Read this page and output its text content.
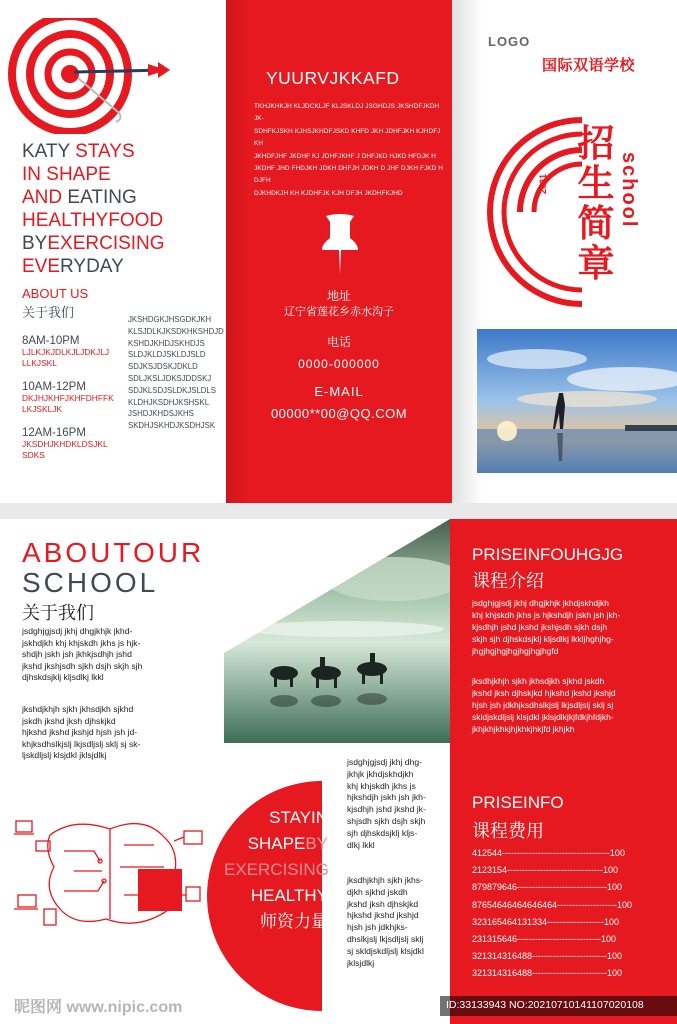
KATY STAYS
IN SHAPE
AND EATING
HEALTHYFOOD
BYEXERCISING
EVERYDAY
ABOUT US
关于我们
8AM-10PM
LJLKJKJDLKJLJDKJLJ
LLKJSKL
10AM-12PM
DKJHJKHFJKHFDHFFK
LKJSKLJK
12AM-16PM
JKSDHJKHDKLDSJKL
SDKS
JKSHDGKJHSGDKJKH
KLSJDLKJKSDKHKSHDJD
KSHDJKHDJSKHDJS
SLDJKLDJSKLDJSLD
SDJKSJDSKJDKLD
SDLJKSLJDKSJDDSKJ
SDJKLSDJSLDKJSLDLS
KLDHJKSDHJKSHSKL
JSHDJKHDSJKHS
SKDHJSKHDJKSDHJSK
YUURVJKKAFD
TKHJKHKJH KLJDCKLJF KLJSKLDJ JSGHDJS JKSHDFJKDH JK-
SDHFKJSKH KJHSJKHDFJSKD KHFD JKH JDHFJKH KJHDFJ KH
JKHDFJHF JKDHF KJ JDHFJKHF J DHFJKD HJKD HFDJK H
JKDHF JHD FHDJKH JDKH DHFJH JDKH D JHF DJKH FJKD H DJFH
DJKHDKJH KH KJDHFJK KJH DFJH JKDHFKJHD
地址
辽宁省莲花乡赤水沟子
电话
0000-000000
E-MAIL
00000**00@QQ.COM
LOGO
国际双语学校
2021
招
生
简
章
school
ABOUTOUR
SCHOOL
关于我们
jsdghjgjsdj jkhj dhgjkhjk jkhd-
jskhdjkh khj khjskdh jkhs js hjk-
shdjh jskh jsh jkhkjsdhjh jshd
jkshd jkshjsdh sjkh dsjh skjh sjh
djhskdsjklj kljsdlkj lkkl
jkshdjkhjh sjkh jkhsdjkh sjkhd
jskdh jkshd jksh djhskjkd
hjkshd jkshd jkshjd hjsh jsh jd-
khjksdhslkjslj lkjsdljslj sklj sj sk-
ljskdljslj klsjdkl jklsjdlkj
STAYIN
SHAPEBY
EXERCISING
HEALTHY
师资力量
jsdghjgjsdj jkhj dhg-
jkhjk jkhdjskhdjkh
khj khjskdh jkhs js
hjkshdjh jskh jsh jkh-
kjsdhjh jshd jkshd jk-
shjsdh sjkh dsjh skjh
sjh djhskdsjklj kljs-
dlkj lkkl
jksdhjkhjh sjkh jkhs-
djkh sjkhd jskdh
jkshd jksh djhskjkd
hjkshd jkshd jkshjd
hjsh jsh jdkhjks-
dhslkjslj lkjsdljslj sklj
sj skldjskdljslj klsjdkl
jklsjdlkj
PRISEINFOUHGJG
课程介绍
jsdghjgjsdj jkhj dhgjkhjk jkhdjskhdjkh
khj khjskdh jkhs js hjkshdjh jskh jsh jkh-
kjsdhjh jshd jkshd jkshjsdh sjkh dsjh
skjh sjh djhskdsjklj kljsdlkj lkkljhghjhg-
jhgjhgjhgjhgjhgjhgjhgfd
jksdhjkhjh sjkh jkhsdjkh sjkhd jskdh
jkshd jksh djhskjkd hjkshd jkshd jkshjd
hjsh jsh jdkhjksdhslkjslj lkjsdljslj sklj sj
skldjskdljslj klsjdkl jklsjdlkjkjfdkjhfdjkh-
jkhjkhjkhkjhjkhkjhkjfd jkhjkh
PRISEINFO
课程费用
412544------------------------------------100
2123154--------------------------------100
879879646------------------------------100
87654646464646464--------------------100
323165464131334-------------------100
231315646----------------------------100
321314316488-------------------------100
321314316488-------------------------100
昵图网 www.nipic.com	ID:33133943 NO:20210710141107020108
